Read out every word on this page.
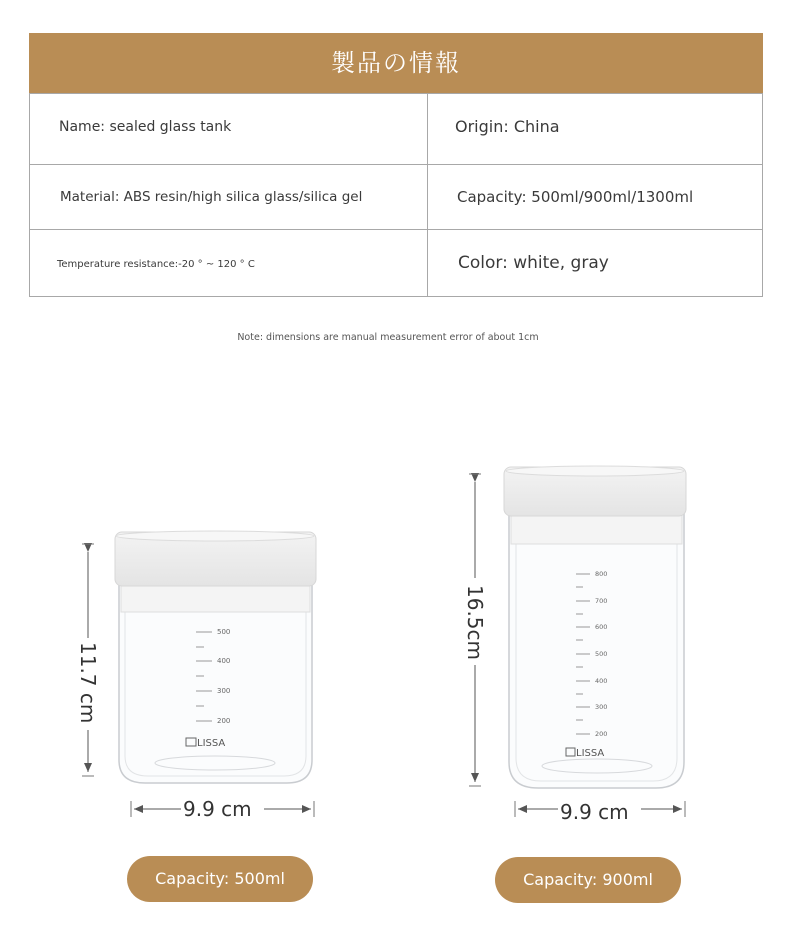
製品の情報
Name: sealed glass tank	Origin: China
Material: ABS resin/high silica glass/silica gel	Capacity: 500ml/900ml/1300ml
Temperature resistance:-20 ° ~ 120 ° C	Color: white, gray
Note: dimensions are manual measurement error of about 1cm
500
400
300
200
LISSA
800
700
600
500
400
300
200
LISSA
11.7 cm
9.9 cm
16.5cm
9.9 cm
Capacity: 500ml	Capacity: 900ml
